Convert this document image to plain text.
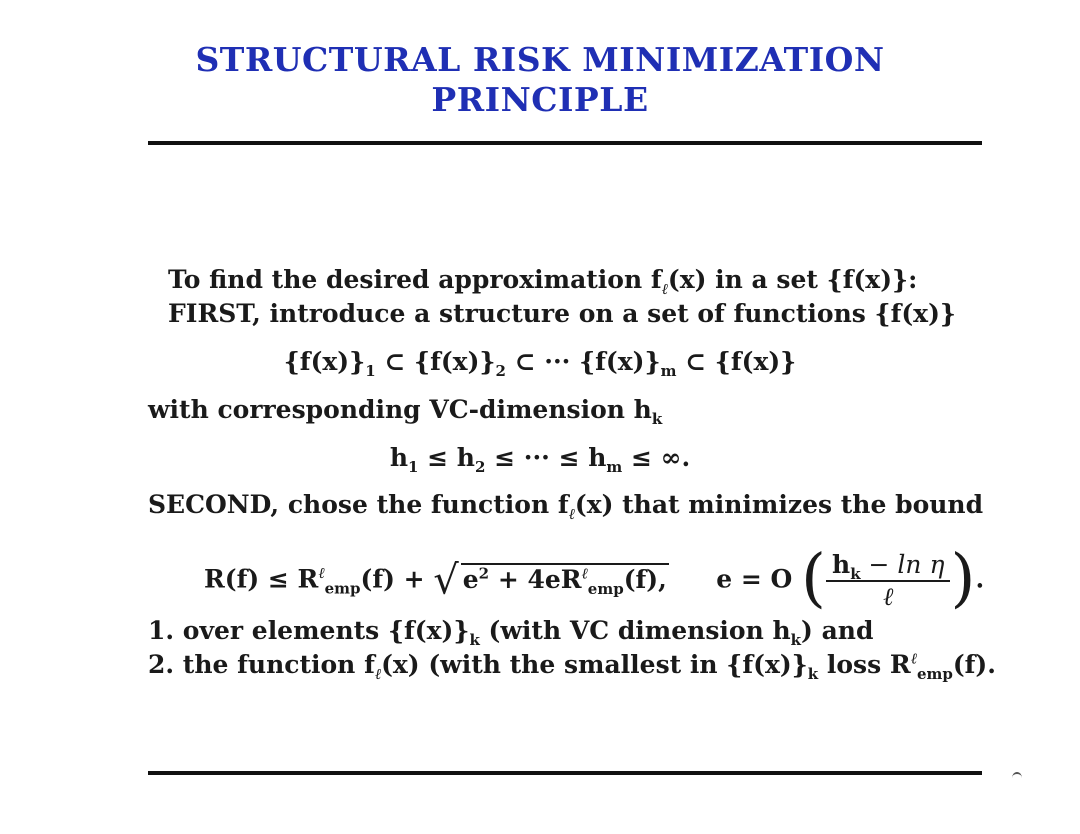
STRUCTURAL RISK MINIMIZATION
PRINCIPLE
To find the desired approximation $f_\ell(x)$ in a set {f(x)}:
FIRST, introduce a structure on a set of functions {f(x)}
$\{f(x)\}_1$ ⊂ $\{f(x)\}_2$ ⊂ ··· $\{f(x)\}_m$ ⊂ {f(x)}
with corresponding VC-dimension $h_k$
$h_1 \le h_2$ ≤ ··· ≤ $h_m$ ≤ ∞.
SECOND, chose the function $f_\ell(x)$ that minimizes the bound
$R(f) \le R^\ell_{emp}(f)$ + √ $e^2 + 4eR^\ell_{emp}(f)$, e = O ( $\frac{h_k - \ln \eta}{\text{ℓ}}$ ).
1. over elements $\{f(x)\}_k$ (with VC dimension $h_k$) and
2. the function $f_\ell(x)$ (with the smallest in $\{f(x)\}_k$ loss $R^\ell_{emp}(f)$.
